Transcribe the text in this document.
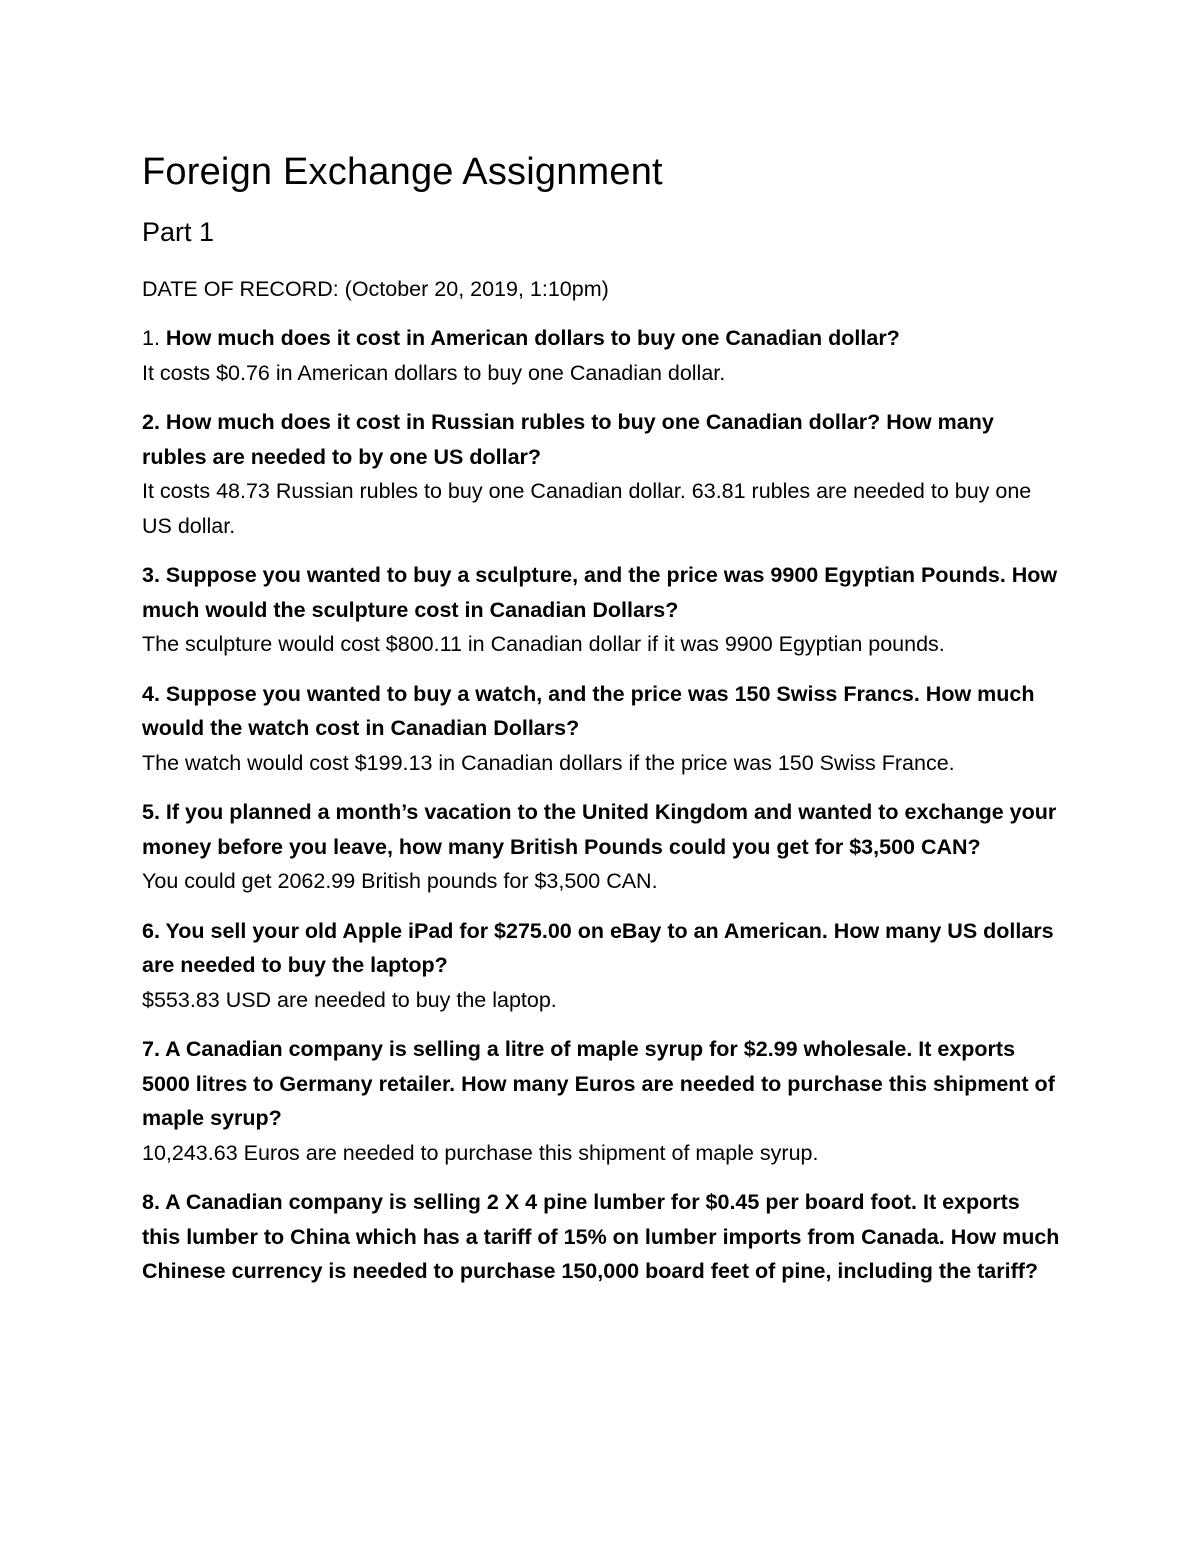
Foreign Exchange Assignment
Part 1

DATE OF RECORD: (October 20, 2019, 1:10pm)

1. How much does it cost in American dollars to buy one Canadian dollar?

It costs $0.76 in American dollars to buy one Canadian dollar.

2. How much does it cost in Russian rubles to buy one Canadian dollar? How many rubles are needed to by one US dollar?

It costs 48.73 Russian rubles to buy one Canadian dollar. 63.81 rubles are needed to buy one US dollar.

3. Suppose you wanted to buy a sculpture, and the price was 9900 Egyptian Pounds. How much would the sculpture cost in Canadian Dollars?

The sculpture would cost $800.11 in Canadian dollar if it was 9900 Egyptian pounds.

4. Suppose you wanted to buy a watch, and the price was 150 Swiss Francs. How much would the watch cost in Canadian Dollars?

The watch would cost $199.13 in Canadian dollars if the price was 150 Swiss France.

5. If you planned a month’s vacation to the United Kingdom and wanted to exchange your money before you leave, how many British Pounds could you get for $3,500 CAN?

You could get 2062.99 British pounds for $3,500 CAN.

6. You sell your old Apple iPad for $275.00 on eBay to an American. How many US dollars are needed to buy the laptop?

$553.83 USD are needed to buy the laptop.

7. A Canadian company is selling a litre of maple syrup for $2.99 wholesale. It exports 5000 litres to Germany retailer. How many Euros are needed to purchase this shipment of maple syrup?

10,243.63 Euros are needed to purchase this shipment of maple syrup.

8. A Canadian company is selling 2 X 4 pine lumber for $0.45 per board foot. It exports this lumber to China which has a tariff of 15% on lumber imports from Canada. How much Chinese currency is needed to purchase 150,000 board feet of pine, including the tariff?
